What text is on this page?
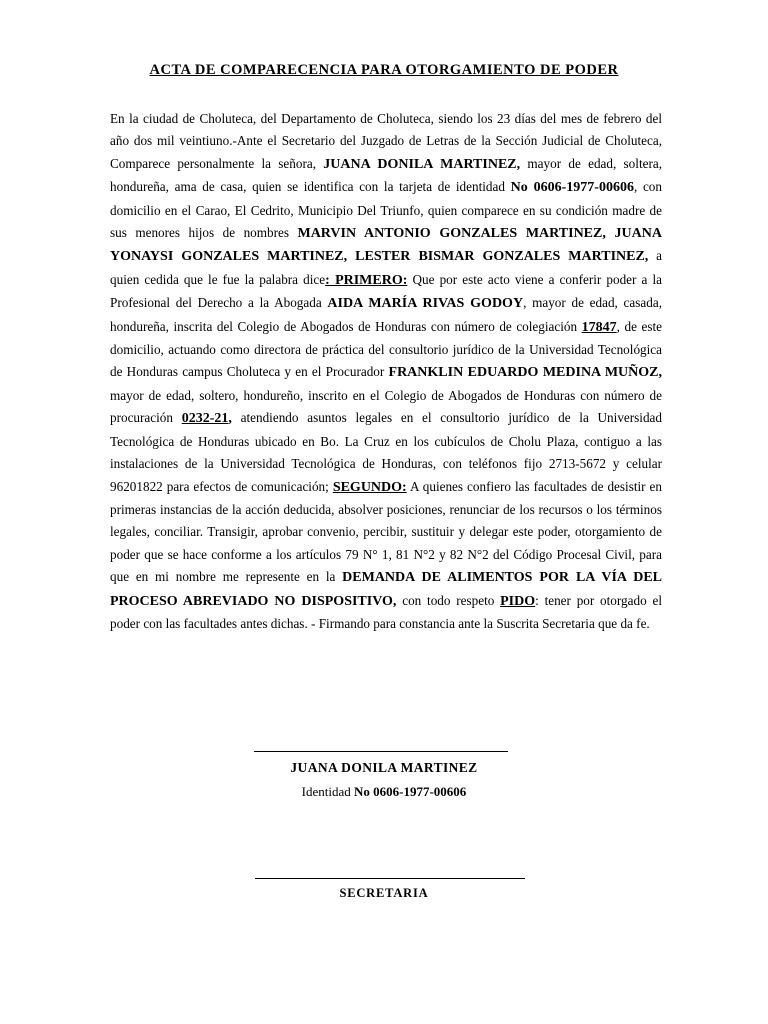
ACTA DE COMPARECENCIA PARA OTORGAMIENTO DE PODER
En la ciudad de Choluteca, del Departamento de Choluteca, siendo los 23 días del mes de febrero del año dos mil veintiuno.-Ante el Secretario del Juzgado de Letras de la Sección Judicial de Choluteca, Comparece personalmente la señora, JUANA DONILA MARTINEZ, mayor de edad, soltera, hondureña, ama de casa, quien se identifica con la tarjeta de identidad No 0606-1977-00606, con domicilio en el Carao, El Cedrito, Municipio Del Triunfo, quien comparece en su condición madre de sus menores hijos de nombres MARVIN ANTONIO GONZALES MARTINEZ, JUANA YONAYSI GONZALES MARTINEZ, LESTER BISMAR GONZALES MARTINEZ, a quien cedida que le fue la palabra dice: PRIMERO: Que por este acto viene a conferir poder a la Profesional del Derecho a la Abogada AIDA MARÍA RIVAS GODOY, mayor de edad, casada, hondureña, inscrita del Colegio de Abogados de Honduras con número de colegiación 17847, de este domicilio, actuando como directora de práctica del consultorio jurídico de la Universidad Tecnológica de Honduras campus Choluteca y en el Procurador FRANKLIN EDUARDO MEDINA MUÑOZ, mayor de edad, soltero, hondureño, inscrito en el Colegio de Abogados de Honduras con número de procuración 0232-21, atendiendo asuntos legales en el consultorio jurídico de la Universidad Tecnológica de Honduras ubicado en Bo. La Cruz en los cubículos de Cholu Plaza, contiguo a las instalaciones de la Universidad Tecnológica de Honduras, con teléfonos fijo 2713-5672 y celular 96201822 para efectos de comunicación; SEGUNDO: A quienes confiero las facultades de desistir en primeras instancias de la acción deducida, absolver posiciones, renunciar de los recursos o los términos legales, conciliar. Transigir, aprobar convenio, percibir, sustituir y delegar este poder, otorgamiento de poder que se hace conforme a los artículos 79 N° 1, 81 N°2 y 82 N°2 del Código Procesal Civil, para que en mi nombre me represente en la DEMANDA DE ALIMENTOS POR LA VÍA DEL PROCESO ABREVIADO NO DISPOSITIVO, con todo respeto PIDO: tener por otorgado el poder con las facultades antes dichas. - Firmando para constancia ante la Suscrita Secretaria que da fe.
JUANA DONILA MARTINEZ
Identidad No 0606-1977-00606
SECRETARIA
